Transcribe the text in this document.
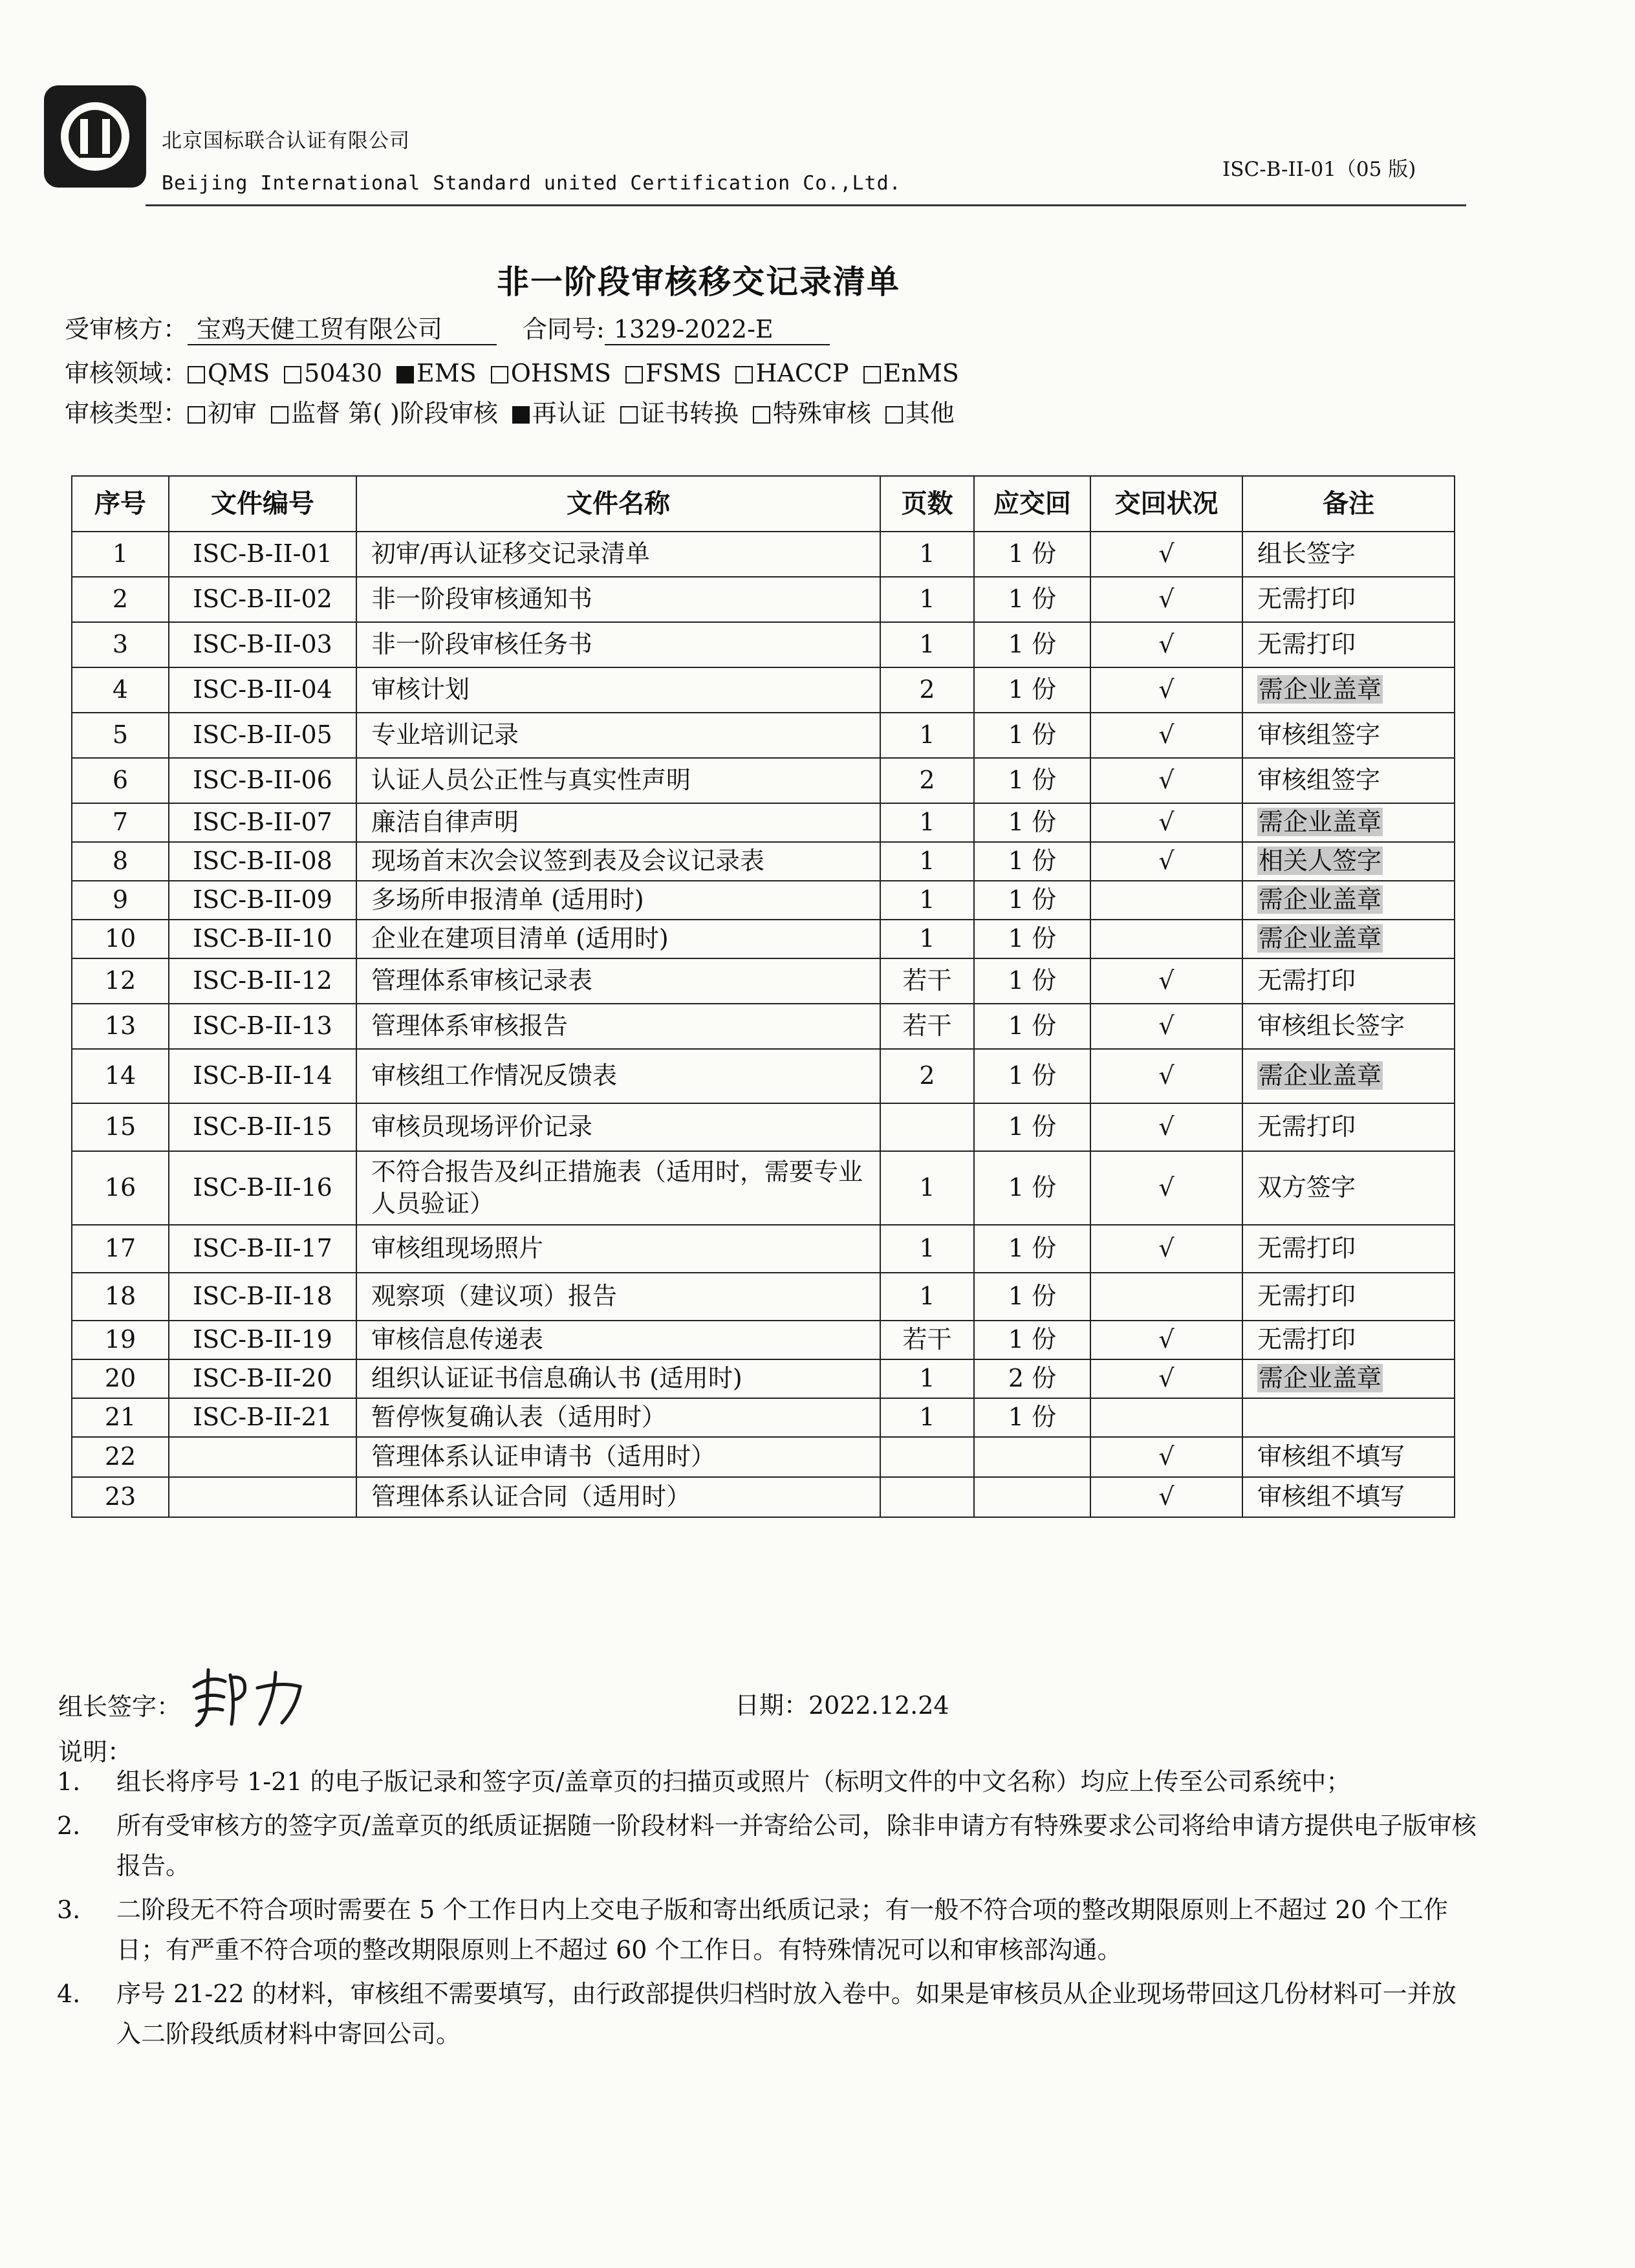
北京国标联合认证有限公司
Beijing International Standard united Certification Co.,Ltd.
ISC-B-II-01（05 版)
非一阶段审核移交记录清单
受审核方： 宝鸡天健工贸有限公司	合同号: 1329-2022-E
审核领域： QMS 50430 EMS OHSMS FSMS HACCP EnMS
审核类型： 初审 监督 第( )阶段审核 再认证 证书转换 特殊审核 其他
序号	文件编号	文件名称	页数	应交回	交回状况	备注
1	ISC-B-II-01	初审/再认证移交记录清单	1	1 份	√	组长签字
2	ISC-B-II-02	非一阶段审核通知书	1	1 份	√	无需打印
3	ISC-B-II-03	非一阶段审核任务书	1	1 份	√	无需打印
4	ISC-B-II-04	审核计划	2	1 份	√	需企业盖章
5	ISC-B-II-05	专业培训记录	1	1 份	√	审核组签字
6	ISC-B-II-06	认证人员公正性与真实性声明	2	1 份	√	审核组签字
7	ISC-B-II-07	廉洁自律声明	1	1 份	√	需企业盖章
8	ISC-B-II-08	现场首末次会议签到表及会议记录表	1	1 份	√	相关人签字
9	ISC-B-II-09	多场所申报清单 (适用时)	1	1 份		需企业盖章
10	ISC-B-II-10	企业在建项目清单 (适用时)	1	1 份		需企业盖章
12	ISC-B-II-12	管理体系审核记录表	若干	1 份	√	无需打印
13	ISC-B-II-13	管理体系审核报告	若干	1 份	√	审核组长签字
14	ISC-B-II-14	审核组工作情况反馈表	2	1 份	√	需企业盖章
15	ISC-B-II-15	审核员现场评价记录		1 份	√	无需打印
16	ISC-B-II-16	不符合报告及纠正措施表（适用时，需要专业人员验证）	1	1 份	√	双方签字
17	ISC-B-II-17	审核组现场照片	1	1 份	√	无需打印
18	ISC-B-II-18	观察项（建议项）报告	1	1 份		无需打印
19	ISC-B-II-19	审核信息传递表	若干	1 份	√	无需打印
20	ISC-B-II-20	组织认证证书信息确认书 (适用时)	1	2 份	√	需企业盖章
21	ISC-B-II-21	暂停恢复确认表（适用时）	1	1 份		
22		管理体系认证申请书（适用时）			√	审核组不填写
23		管理体系认证合同（适用时）			√	审核组不填写
组长签字：	日期：2022.12.24
说明：
1. 组长将序号 1-21 的电子版记录和签字页/盖章页的扫描页或照片（标明文件的中文名称）均应上传至公司系统中；
2. 所有受审核方的签字页/盖章页的纸质证据随一阶段材料一并寄给公司，除非申请方有特殊要求公司将给申请方提供电子版审核报告。
3. 二阶段无不符合项时需要在 5 个工作日内上交电子版和寄出纸质记录；有一般不符合项的整改期限原则上不超过 20 个工作日；有严重不符合项的整改期限原则上不超过 60 个工作日。有特殊情况可以和审核部沟通。
4. 序号 21-22 的材料，审核组不需要填写，由行政部提供归档时放入卷中。如果是审核员从企业现场带回这几份材料可一并放入二阶段纸质材料中寄回公司。
